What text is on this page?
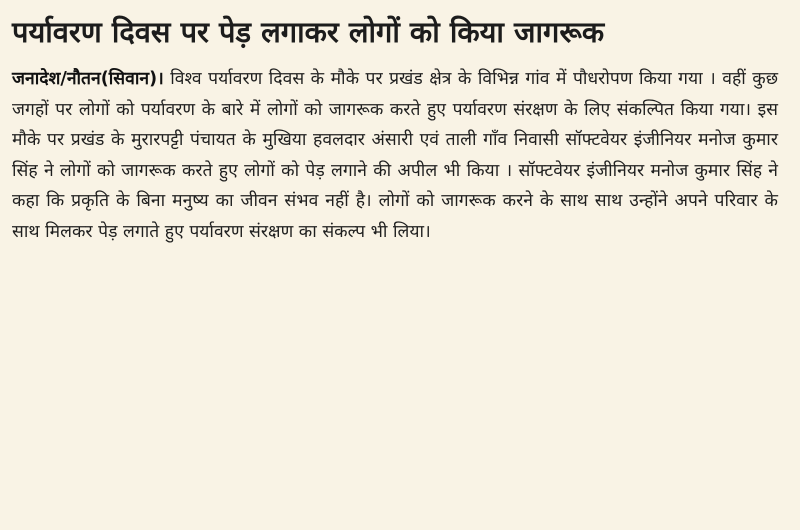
पर्यावरण दिवस पर पेड़ लगाकर लोगों को किया जागरूक

जनादेश/नौतन(सिवान)। विश्व पर्यावरण दिवस के मौके पर प्रखंड क्षेत्र के विभिन्न गांव में पौधरोपण किया गया । वहीं कुछ जगहों पर लोगों को पर्यावरण के बारे में लोगों को जागरूक करते हुए पर्यावरण संरक्षण के लिए संकल्पित किया गया। इस मौके पर प्रखंड के मुरारपट्टी पंचायत के मुखिया हवलदार अंसारी एवं ताली गाँव निवासी सॉफ्टवेयर इंजीनियर मनोज कुमार सिंह ने लोगों को जागरूक करते हुए लोगों को पेड़ लगाने की अपील भी किया । सॉफ्टवेयर इंजीनियर मनोज कुमार सिंह ने कहा कि प्रकृति के बिना मनुष्य का जीवन संभव नहीं है। लोगों को जागरूक करने के साथ साथ उन्होंने अपने परिवार के साथ मिलकर पेड़ लगाते हुए पर्यावरण संरक्षण का संकल्प भी लिया।
